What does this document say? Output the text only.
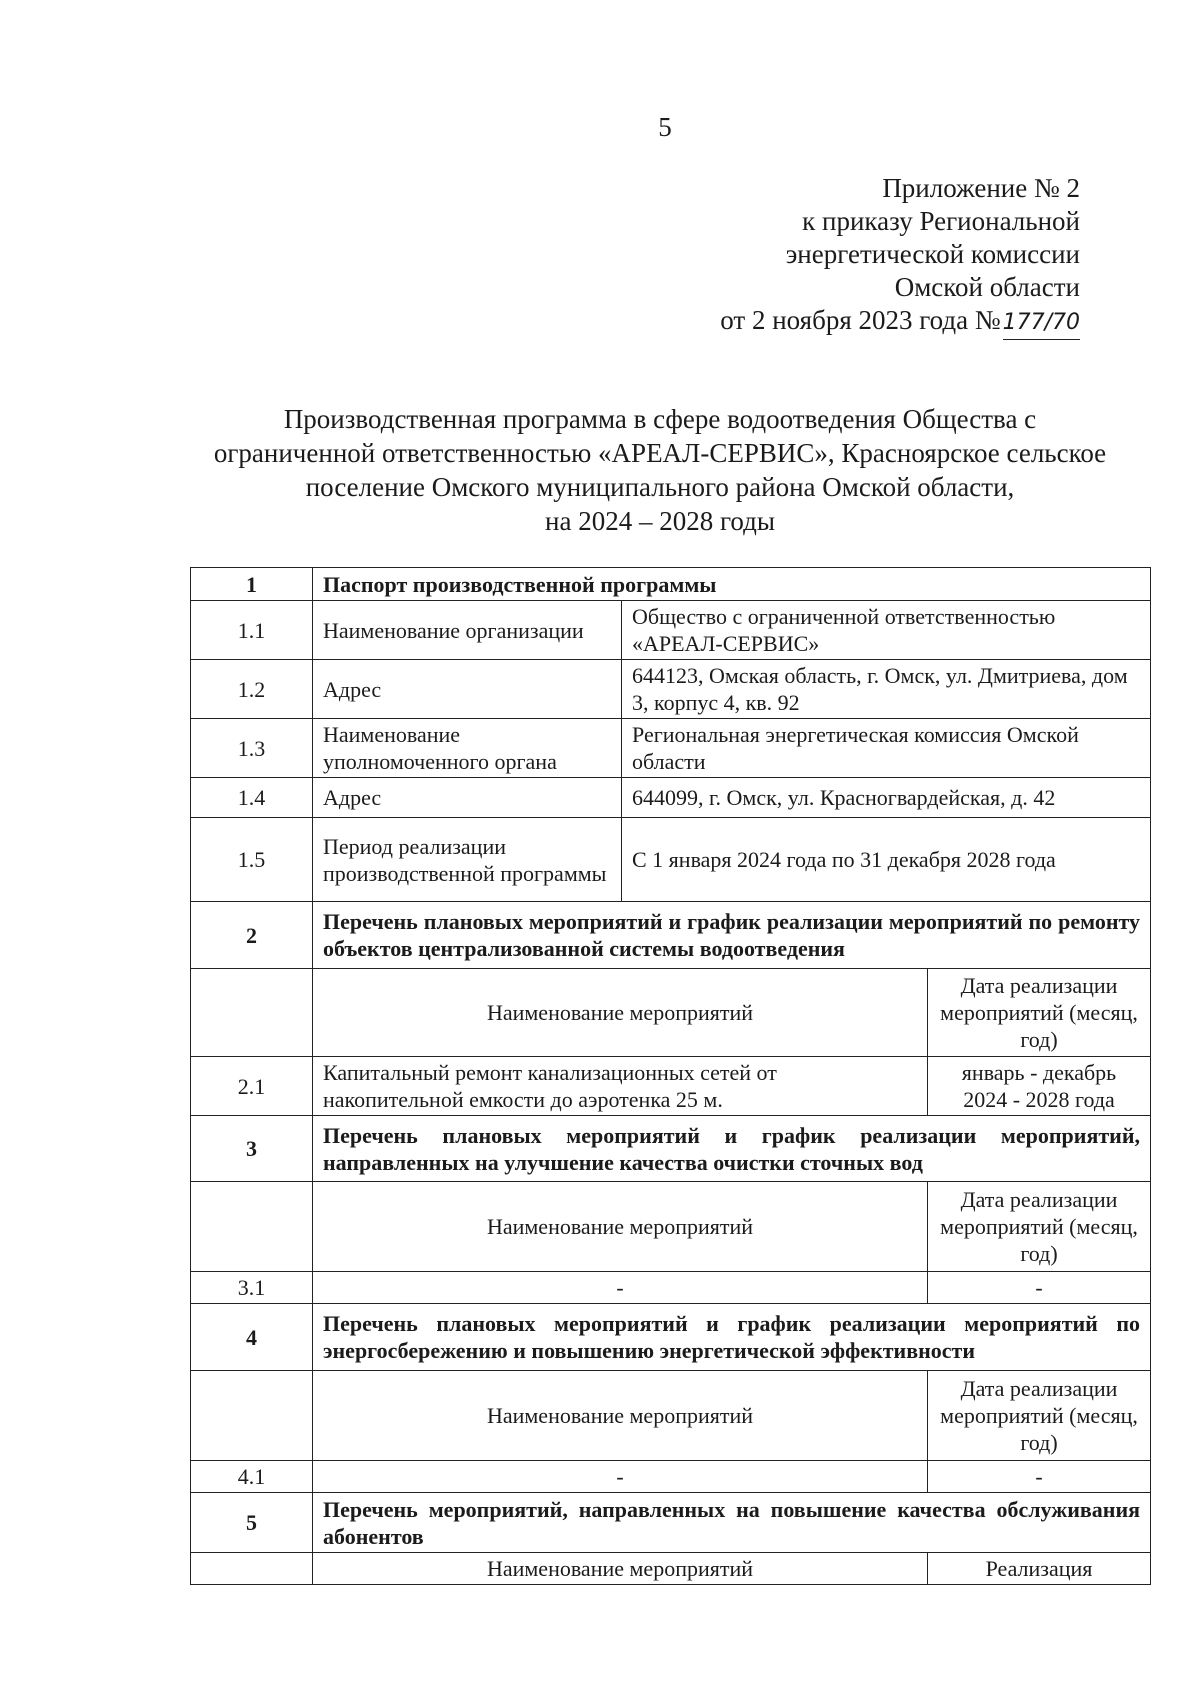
5
Приложение № 2
к приказу Региональной
энергетической комиссии
Омской области
от 2 ноября 2023 года №177/70
Производственная программа в сфере водоотведения Общества с
ограниченной ответственностью «АРЕАЛ-СЕРВИС», Красноярское сельское
поселение Омского муниципального района Омской области,
на 2024 – 2028 годы
1	Паспорт производственной программы		
1.1	Наименование организации	Общество с ограниченной ответственностью «АРЕАЛ-СЕРВИС»	
1.2	Адрес	644123, Омская область, г. Омск, ул. Дмитриева, дом 3, корпус 4, кв. 92	
1.3	Наименование уполномоченного органа	Региональная энергетическая комиссия Омской области	
1.4	Адрес	644099, г. Омск, ул. Красногвардейская, д. 42	
1.5	Период реализации производственной программы	С 1 января 2024 года по 31 декабря 2028 года	
2	Перечень плановых мероприятий и график реализации мероприятий по ремонту объектов централизованной системы водоотведения		
	Наименование мероприятий		Дата реализации мероприятий (месяц, год)
2.1	Капитальный ремонт канализационных сетей от накопительной емкости до аэротенка 25 м.		январь - декабрь 2024 - 2028 года
3	Перечень плановых мероприятий и график реализации мероприятий, направленных на улучшение качества очистки сточных вод		
	Наименование мероприятий		Дата реализации мероприятий (месяц, год)
3.1	-		-
4	Перечень плановых мероприятий и график реализации мероприятий по энергосбережению и повышению энергетической эффективности		
	Наименование мероприятий		Дата реализации мероприятий (месяц, год)
4.1	-		-
5	Перечень мероприятий, направленных на повышение качества обслуживания абонентов		
	Наименование мероприятий		Реализация
